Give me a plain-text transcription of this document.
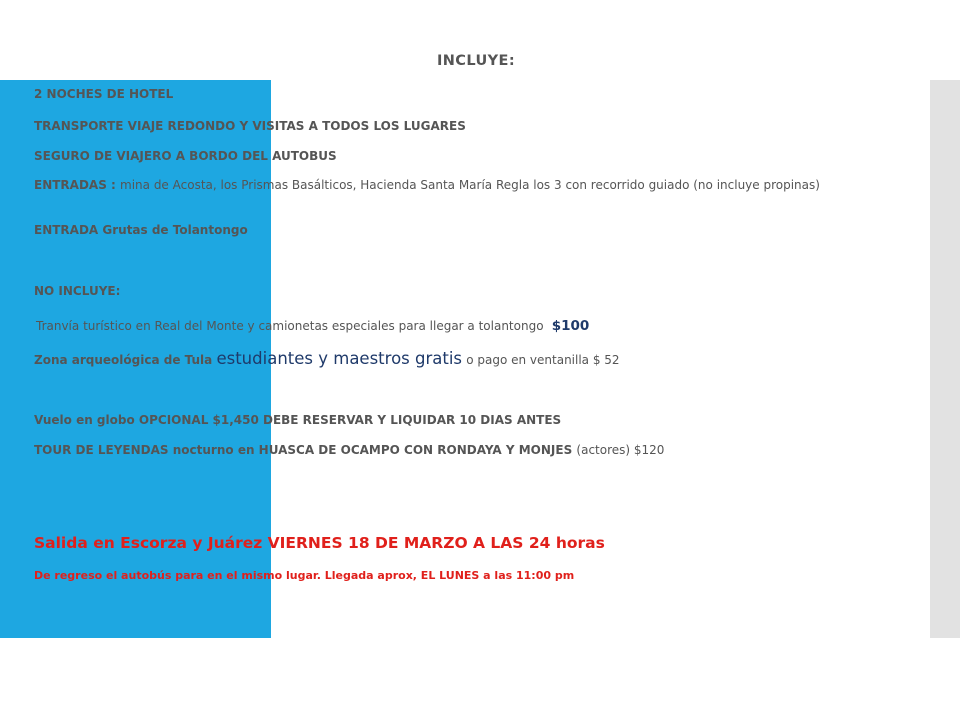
INCLUYE:
2 NOCHES DE HOTEL
TRANSPORTE VIAJE REDONDO Y VISITAS A TODOS LOS LUGARES
SEGURO DE VIAJERO A BORDO DEL AUTOBUS
ENTRADAS : mina de Acosta, los Prismas Basálticos, Hacienda Santa María Regla los 3 con recorrido guiado (no incluye propinas)
ENTRADA Grutas de Tolantongo
NO INCLUYE:
Tranvía turístico en Real del Monte y camionetas especiales para llegar a tolantongo $100
Zona arqueológica de Tula estudiantes y maestros gratis o pago en ventanilla $ 52
Vuelo en globo OPCIONAL $1,450 DEBE RESERVAR Y LIQUIDAR 10 DIAS ANTES
TOUR DE LEYENDAS nocturno en HUASCA DE OCAMPO CON RONDAYA Y MONJES (actores) $120
Salida en Escorza y Juárez VIERNES 18 DE MARZO A LAS 24 horas
De regreso el autobús para en el mismo lugar. Llegada aprox, EL LUNES a las 11:00 pm
